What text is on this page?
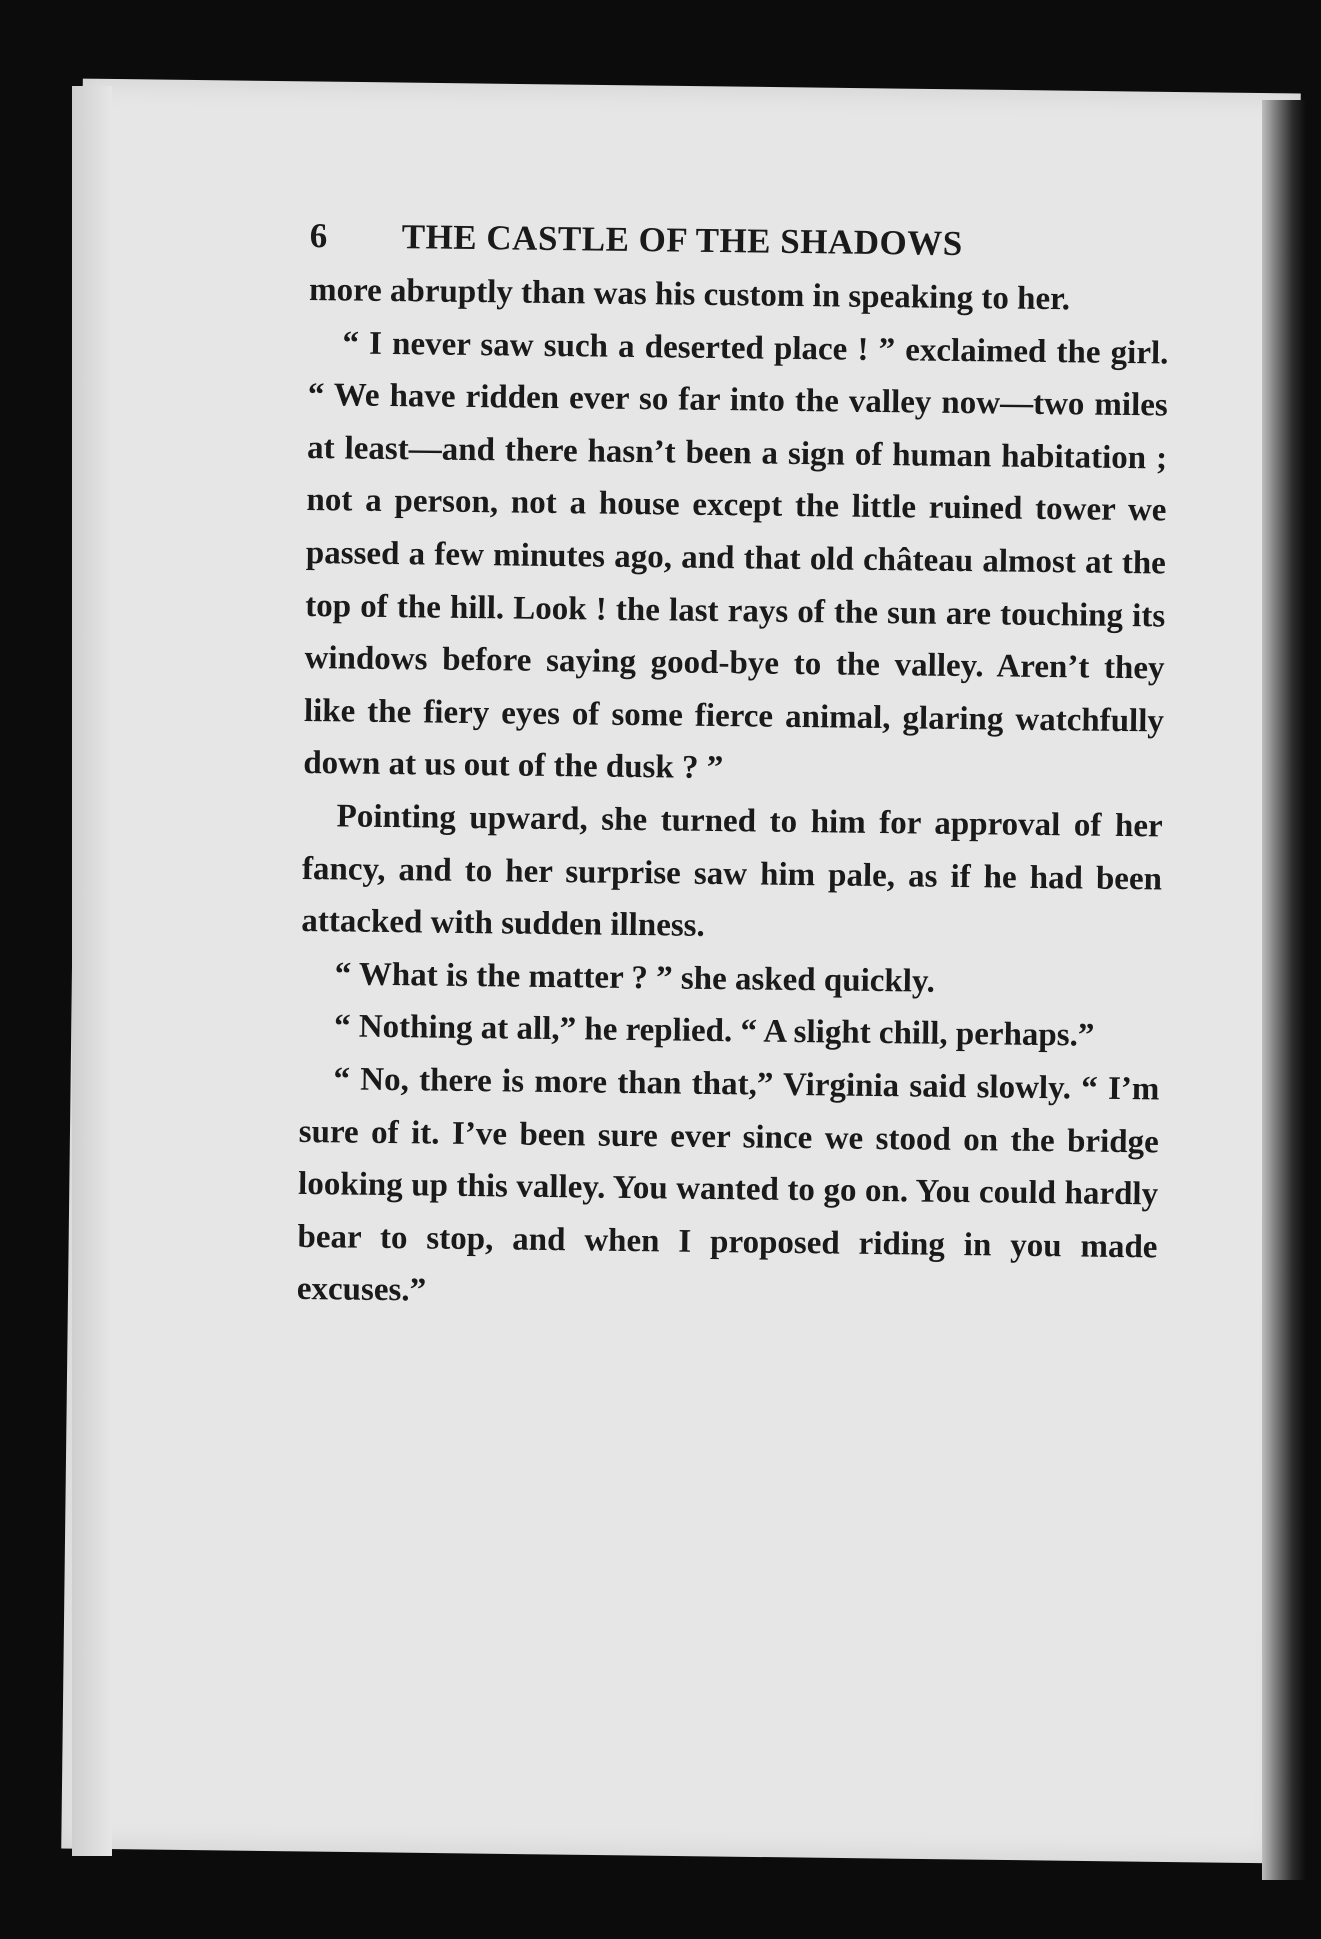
6	THE CASTLE OF THE SHADOWS

more abruptly than was his custom in speaking to her.

“ I never saw such a deserted place ! ” exclaimed the girl. “ We have ridden ever so far into the valley now—two miles at least—and there hasn’t been a sign of human habitation ; not a person, not a house except the little ruined tower we passed a few minutes ago, and that old château almost at the top of the hill. Look ! the last rays of the sun are touching its windows before saying good-bye to the valley. Aren’t they like the fiery eyes of some fierce animal, glaring watchfully down at us out of the dusk ? ”

Pointing upward, she turned to him for approval of her fancy, and to her surprise saw him pale, as if he had been attacked with sudden illness.

“ What is the matter ? ” she asked quickly.

“ Nothing at all,” he replied. “ A slight chill, perhaps.”

“ No, there is more than that,” Virginia said slowly. “ I’m sure of it. I’ve been sure ever since we stood on the bridge looking up this valley. You wanted to go on. You could hardly bear to stop, and when I proposed riding in you made excuses.”
